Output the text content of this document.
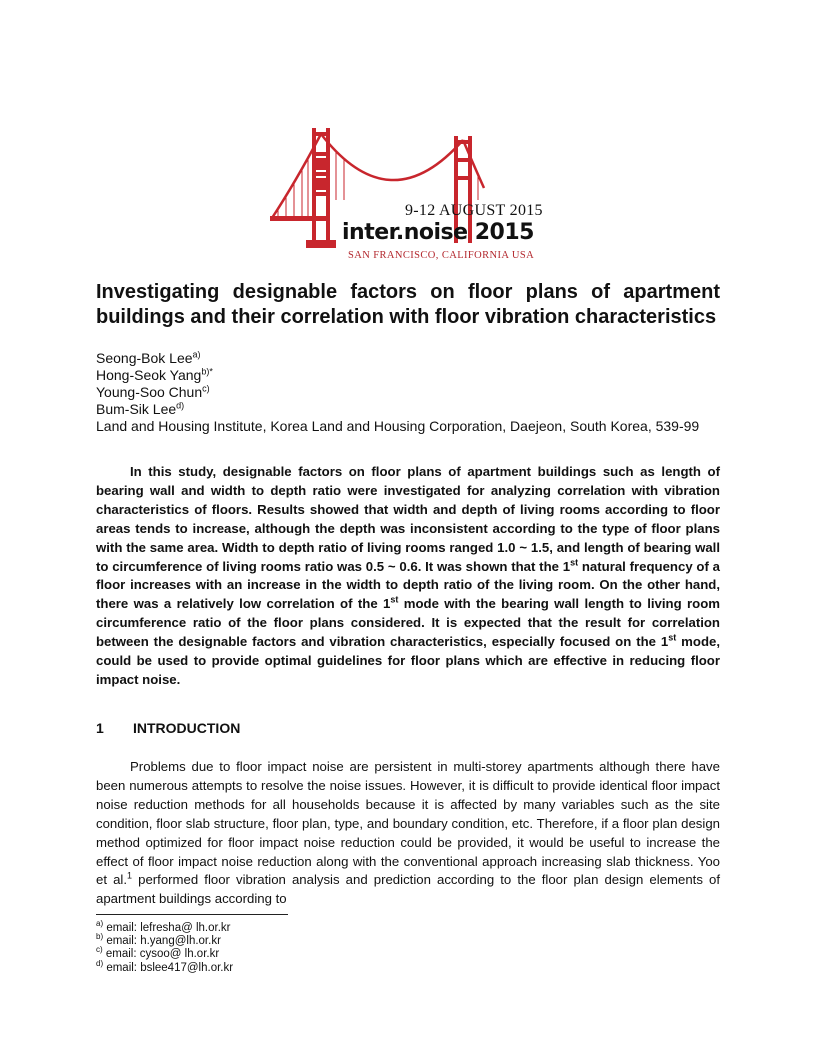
9-12 AUGUST 2015
inter.noise 2015
SAN FRANCISCO, CALIFORNIA USA
Investigating designable factors on floor plans of apartment buildings and their correlation with floor vibration characteristics
Seong-Bok Lee$^{a)}$
Hong-Seok Yang$^{b)*}$
Young-Soo Chun$^{c)}$
Bum-Sik Lee$^{d)}$
Land and Housing Institute, Korea Land and Housing Corporation, Daejeon, South Korea, 539-99

In this study, designable factors on floor plans of apartment buildings such as length of bearing wall and width to depth ratio were investigated for analyzing correlation with vibration characteristics of floors. Results showed that width and depth of living rooms according to floor areas tends to increase, although the depth was inconsistent according to the type of floor plans with the same area. Width to depth ratio of living rooms ranged 1.0 ~ 1.5, and length of bearing wall to circumference of living rooms ratio was 0.5 ~ 0.6. It was shown that the 1st natural frequency of a floor increases with an increase in the width to depth ratio of the living room. On the other hand, there was a relatively low correlation of the 1st mode with the bearing wall length to living room circumference ratio of the floor plans considered. It is expected that the result for correlation between the designable factors and vibration characteristics, especially focused on the 1st mode, could be used to provide optimal guidelines for floor plans which are effective in reducing floor impact noise.

1 INTRODUCTION

Problems due to floor impact noise are persistent in multi-storey apartments although there have been numerous attempts to resolve the noise issues. However, it is difficult to provide identical floor impact noise reduction methods for all households because it is affected by many variables such as the site condition, floor slab structure, floor plan, type, and boundary condition, etc. Therefore, if a floor plan design method optimized for floor impact noise reduction could be provided, it would be useful to increase the effect of floor impact noise reduction along with the conventional approach increasing slab thickness. Yoo et al.$^1$ performed floor vibration analysis and prediction according to the floor plan design elements of apartment buildings according to

$^{a)}$ email: lefresha@ lh.or.kr
$^{b)}$ email: h.yang@lh.or.kr
$^{c)}$ email: cysoo@ lh.or.kr
$^{d)}$ email: bslee417@lh.or.kr
